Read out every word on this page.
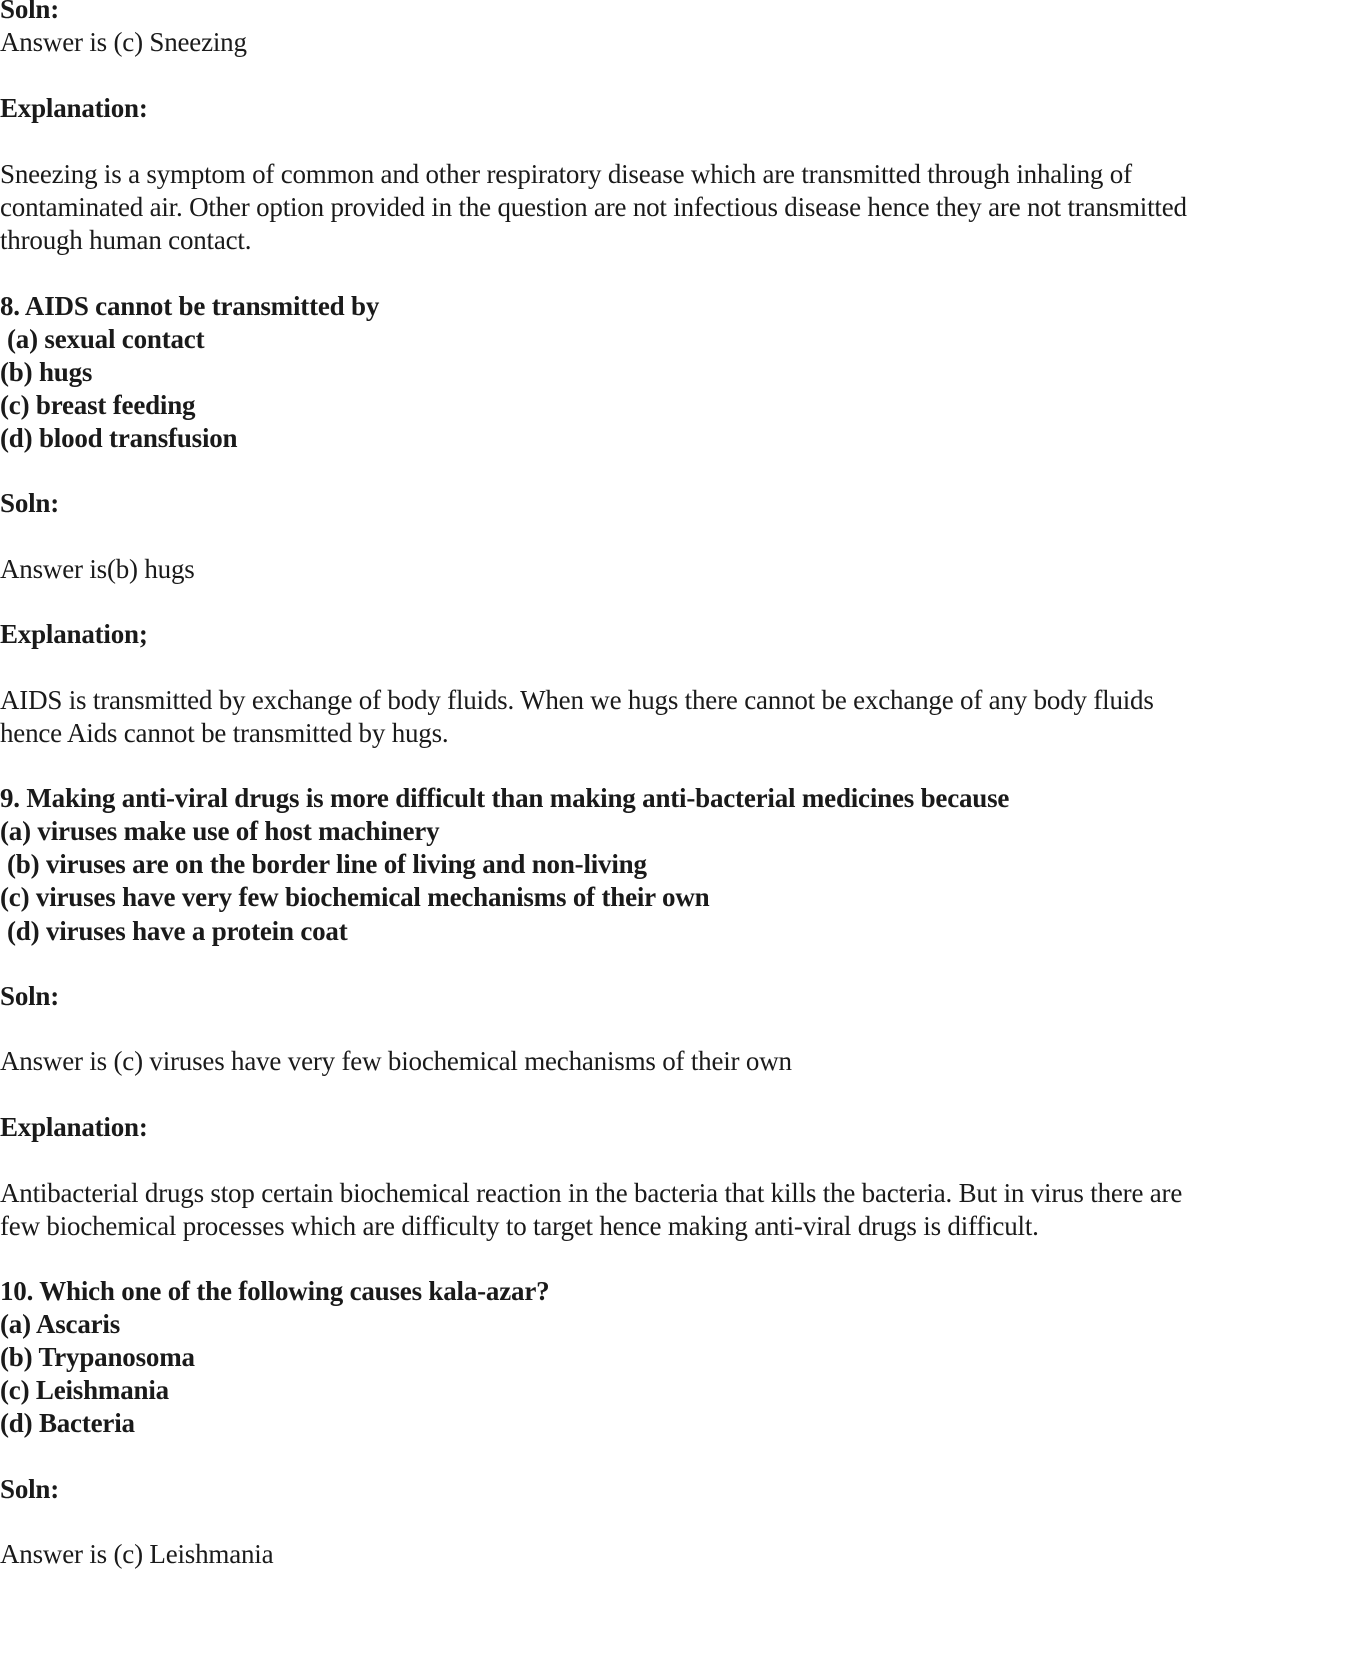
Soln:
Answer is (c) Sneezing
Explanation:
Sneezing is a symptom of common and other respiratory disease which are transmitted through inhaling of
contaminated air. Other option provided in the question are not infectious disease hence they are not transmitted
through human contact.
8. AIDS cannot be transmitted by
(a) sexual contact
(b) hugs
(c) breast feeding
(d) blood transfusion
Soln:
Answer is(b) hugs
Explanation;
AIDS is transmitted by exchange of body fluids. When we hugs there cannot be exchange of any body fluids
hence Aids cannot be transmitted by hugs.
9. Making anti-viral drugs is more difficult than making anti-bacterial medicines because
(a) viruses make use of host machinery
(b) viruses are on the border line of living and non-living
(c) viruses have very few biochemical mechanisms of their own
(d) viruses have a protein coat
Soln:
Answer is (c) viruses have very few biochemical mechanisms of their own
Explanation:
Antibacterial drugs stop certain biochemical reaction in the bacteria that kills the bacteria. But in virus there are
few biochemical processes which are difficulty to target hence making anti-viral drugs is difficult.
10. Which one of the following causes kala-azar?
(a) Ascaris
(b) Trypanosoma
(c) Leishmania
(d) Bacteria
Soln:
Answer is (c) Leishmania
